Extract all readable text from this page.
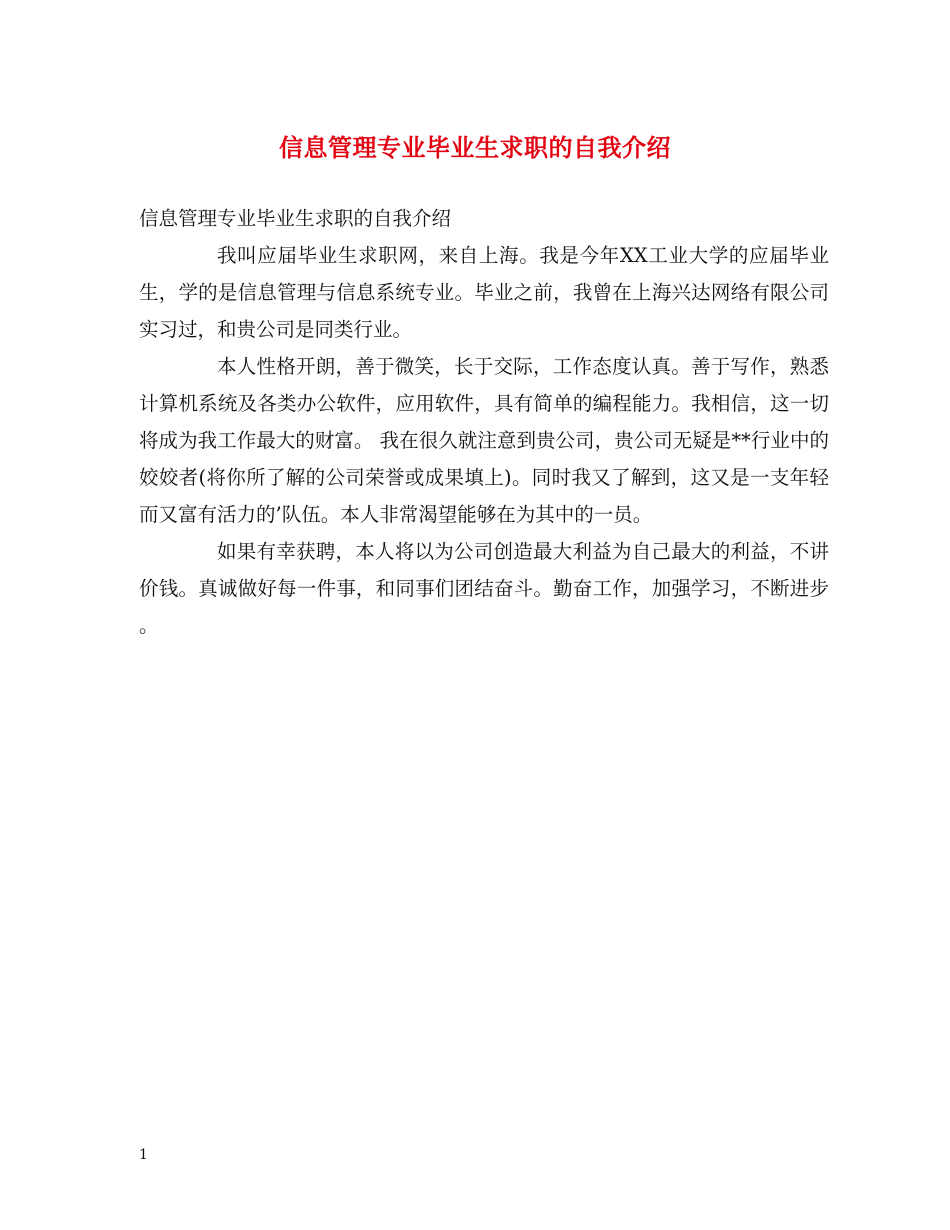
信息管理专业毕业生求职的自我介绍

信息管理专业毕业生求职的自我介绍

我叫应届毕业生求职网，来自上海。我是今年XX工业大学的应届毕业生，学的是信息管理与信息系统专业。毕业之前，我曾在上海兴达网络有限公司实习过，和贵公司是同类行业。

本人性格开朗，善于微笑，长于交际，工作态度认真。善于写作，熟悉计算机系统及各类办公软件，应用软件，具有简单的编程能力。我相信，这一切将成为我工作最大的财富。 我在很久就注意到贵公司，贵公司无疑是**行业中的姣姣者(将你所了解的公司荣誉或成果填上)。同时我又了解到，这又是一支年轻而又富有活力的’队伍。本人非常渴望能够在为其中的一员。

如果有幸获聘，本人将以为公司创造最大利益为自己最大的利益，不讲价钱。真诚做好每一件事，和同事们团结奋斗。勤奋工作，加强学习，不断进步。

1
